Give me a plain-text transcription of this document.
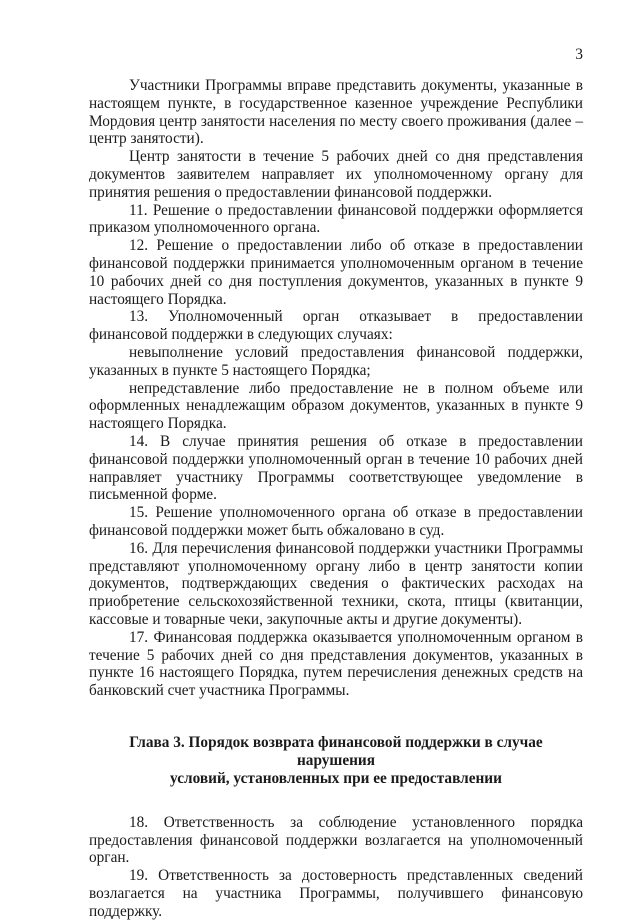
3

Участники Программы вправе представить документы, указанные в настоящем пункте, в государственное казенное учреждение Республики Мордовия центр занятости населения по месту своего проживания (далее – центр занятости).

Центр занятости в течение 5 рабочих дней со дня представления документов заявителем направляет их уполномоченному органу для принятия решения о предоставлении финансовой поддержки.

11. Решение о предоставлении финансовой поддержки оформляется приказом уполномоченного органа.

12. Решение о предоставлении либо об отказе в предоставлении финансовой поддержки принимается уполномоченным органом в течение 10 рабочих дней со дня поступления документов, указанных в пункте 9 настоящего Порядка.

13. Уполномоченный орган отказывает в предоставлении финансовой поддержки в следующих случаях:

невыполнение условий предоставления финансовой поддержки, указанных в пункте 5 настоящего Порядка;

непредставление либо предоставление не в полном объеме или оформленных ненадлежащим образом документов, указанных в пункте 9 настоящего Порядка.

14. В случае принятия решения об отказе в предоставлении финансовой поддержки уполномоченный орган в течение 10 рабочих дней направляет участнику Программы соответствующее уведомление в письменной форме.

15. Решение уполномоченного органа об отказе в предоставлении финансовой поддержки может быть обжаловано в суд.

16. Для перечисления финансовой поддержки участники Программы представляют уполномоченному органу либо в центр занятости копии документов, подтверждающих сведения о фактических расходах на приобретение сельскохозяйственной техники, скота, птицы (квитанции, кассовые и товарные чеки, закупочные акты и другие документы).

17. Финансовая поддержка оказывается уполномоченным органом в течение 5 рабочих дней со дня представления документов, указанных в пункте 16 настоящего Порядка, путем перечисления денежных средств на банковский счет участника Программы.

Глава 3. Порядок возврата финансовой поддержки в случае нарушения
условий, установленных при ее предоставлении

18. Ответственность за соблюдение установленного порядка предоставления финансовой поддержки возлагается на уполномоченный орган.

19. Ответственность за достоверность представленных сведений возлагается на участника Программы, получившего финансовую поддержку.
